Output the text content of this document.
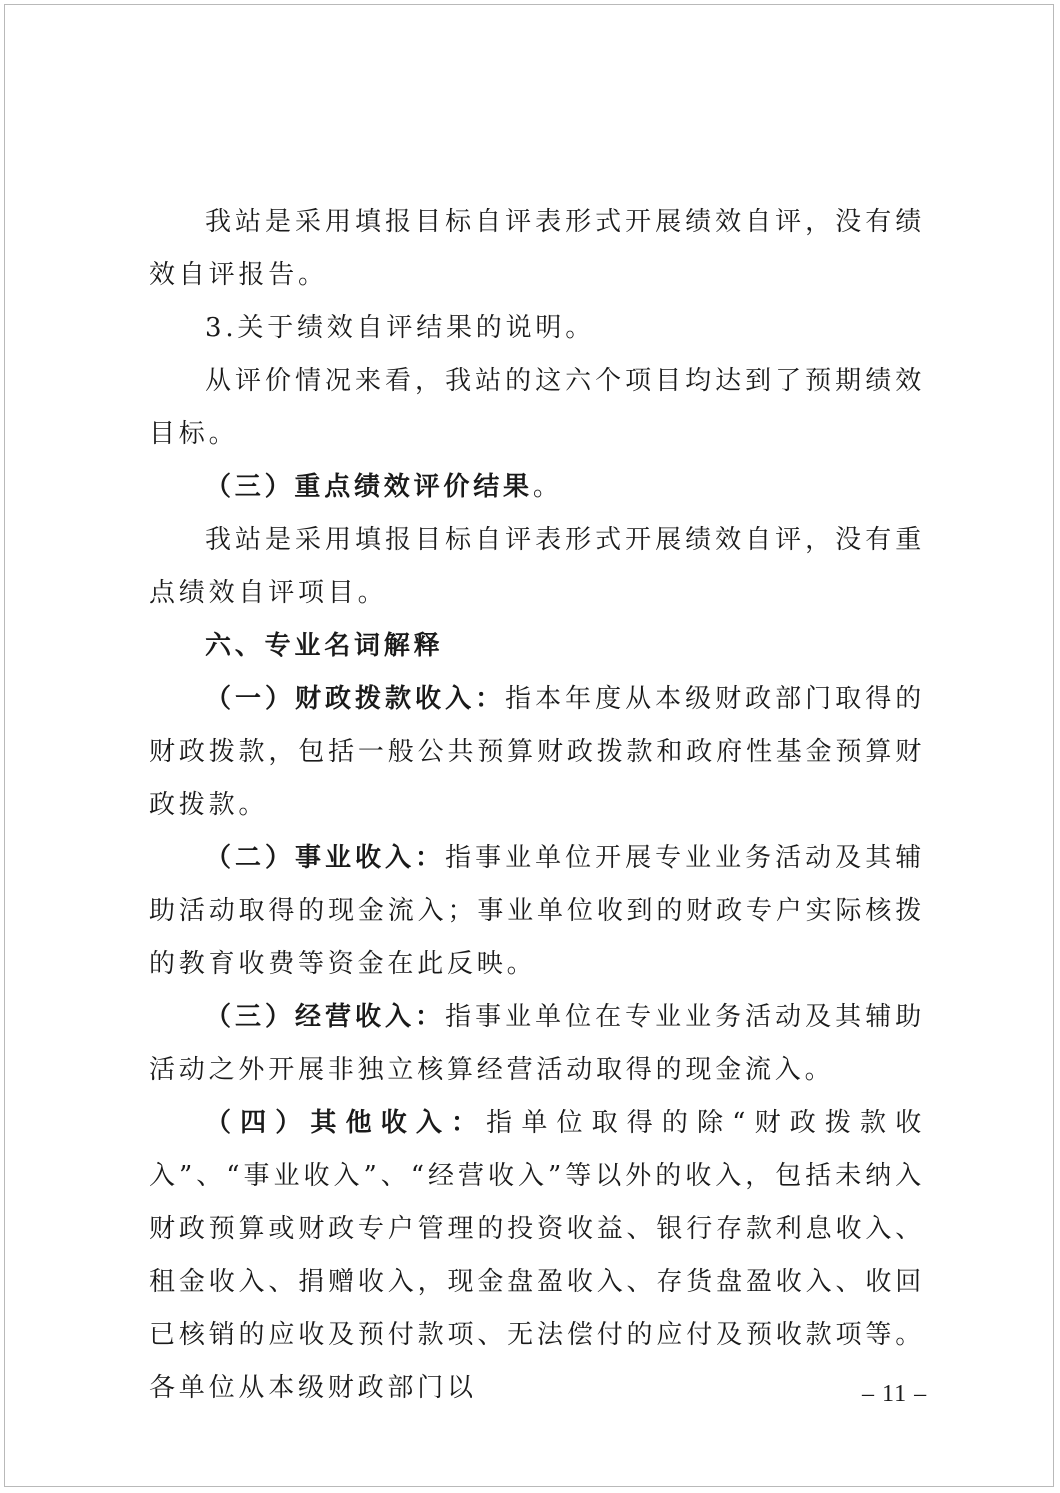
我站是采用填报目标自评表形式开展绩效自评，没有绩效自评报告。

3.关于绩效自评结果的说明。

从评价情况来看，我站的这六个项目均达到了预期绩效目标。

（三）重点绩效评价结果。

我站是采用填报目标自评表形式开展绩效自评，没有重点绩效自评项目。

六、专业名词解释

（一）财政拨款收入：指本年度从本级财政部门取得的财政拨款，包括一般公共预算财政拨款和政府性基金预算财政拨款。

（二）事业收入：指事业单位开展专业业务活动及其辅助活动取得的现金流入；事业单位收到的财政专户实际核拨的教育收费等资金在此反映。

（三）经营收入：指事业单位在专业业务活动及其辅助活动之外开展非独立核算经营活动取得的现金流入。

（四）其他收入：指单位取得的除“财政拨款收入”、“事业收入”、“经营收入”等以外的收入，包括未纳入财政预算或财政专户管理的投资收益、银行存款利息收入、租金收入、捐赠收入，现金盘盈收入、存货盘盈收入、收回已核销的应收及预付款项、无法偿付的应付及预收款项等。各单位从本级财政部门以	– 11 –
